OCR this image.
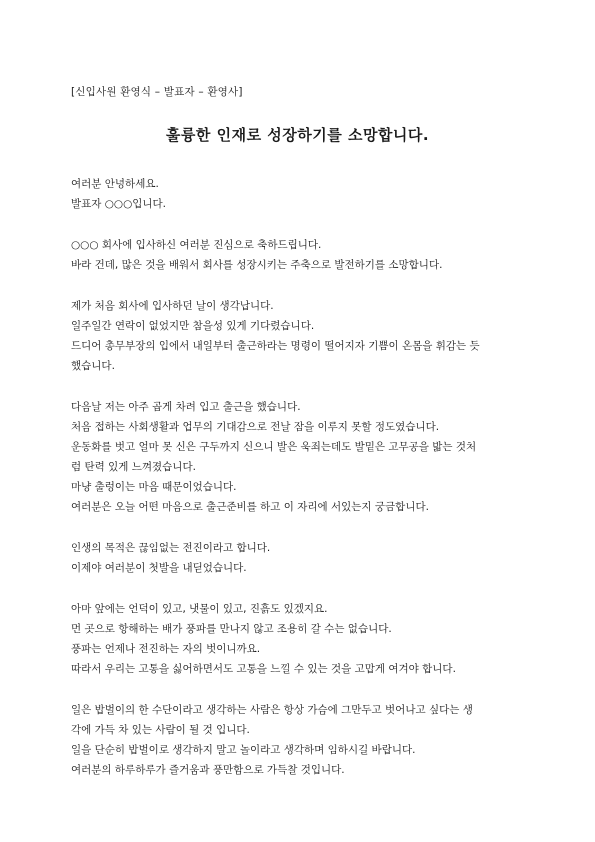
[신입사원 환영식 – 발표자 – 환영사]
훌륭한 인재로 성장하기를 소망합니다.
여러분 안녕하세요.
발표자 ○○○입니다.
○○○ 회사에 입사하신 여러분 진심으로 축하드립니다.
바라 건데, 많은 것을 배워서 회사를 성장시키는 주축으로 발전하기를 소망합니다.
제가 처음 회사에 입사하던 날이 생각납니다.
일주일간 연락이 없었지만 참을성 있게 기다렸습니다.
드디어 총무부장의 입에서 내일부터 출근하라는 명령이 떨어지자 기쁨이 온몸을 휘감는 듯
했습니다.
다음날 저는 아주 곱게 차려 입고 출근을 했습니다.
처음 접하는 사회생활과 업무의 기대감으로 전날 잠을 이루지 못할 정도였습니다.
운동화를 벗고 얼마 못 신은 구두까지 신으니 발은 욱죄는데도 발밑은 고무공을 밟는 것처
럼 탄력 있게 느껴졌습니다.
마냥 출렁이는 마음 때문이었습니다.
여러분은 오늘 어떤 마음으로 출근준비를 하고 이 자리에 서있는지 궁금합니다.
인생의 목적은 끊임없는 전진이라고 합니다.
이제야 여러분이 첫발을 내딛었습니다.
아마 앞에는 언덕이 있고, 냇물이 있고, 진흙도 있겠지요.
먼 곳으로 항해하는 배가 풍파를 만나지 않고 조용히 갈 수는 없습니다.
풍파는 언제나 전진하는 자의 벗이니까요.
따라서 우리는 고통을 싫어하면서도 고통을 느낄 수 있는 것을 고맙게 여겨야 합니다.
일은 밥벌이의 한 수단이라고 생각하는 사람은 항상 가슴에 그만두고 벗어나고 싶다는 생
각에 가득 차 있는 사람이 될 것 입니다.
일을 단순히 밥벌이로 생각하지 말고 놀이라고 생각하며 임하시길 바랍니다.
여러분의 하루하루가 즐거움과 풍만함으로 가득찰 것입니다.
